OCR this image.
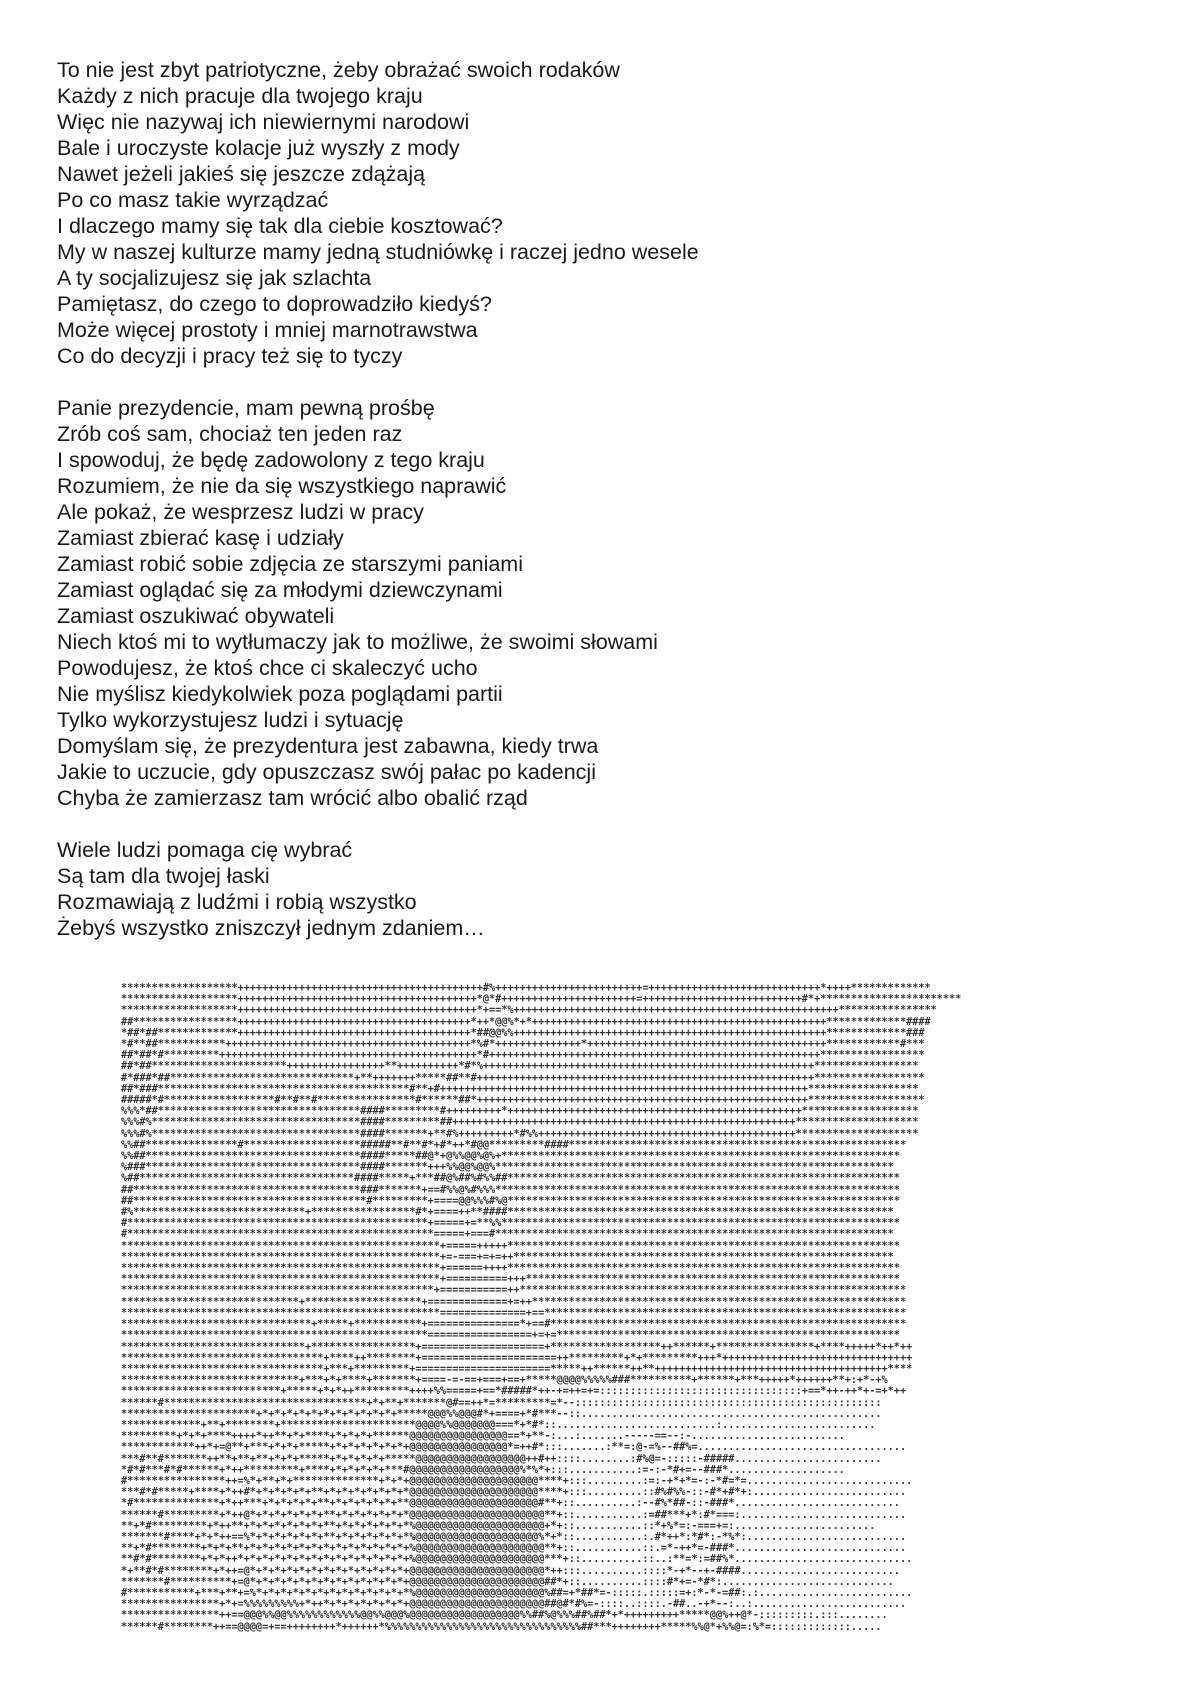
To nie jest zbyt patriotyczne, żeby obrażać swoich rodaków
Każdy z nich pracuje dla twojego kraju
Więc nie nazywaj ich niewiernymi narodowi
Bale i uroczyste kolacje już wyszły z mody
Nawet jeżeli jakieś się jeszcze zdążają
Po co masz takie wyrządzać
I dlaczego mamy się tak dla ciebie kosztować?
My w naszej kulturze mamy jedną studniówkę i raczej jedno wesele
A ty socjalizujesz się jak szlachta
Pamiętasz, do czego to doprowadziło kiedyś?
Może więcej prostoty i mniej marnotrawstwa
Co do decyzji i pracy też się to tyczy
Panie prezydencie, mam pewną prośbę
Zrób coś sam, chociaż ten jeden raz
I spowoduj, że będę zadowolony z tego kraju
Rozumiem, że nie da się wszystkiego naprawić
Ale pokaż, że wesprzesz ludzi w pracy
Zamiast zbierać kasę i udziały
Zamiast robić sobie zdjęcia ze starszymi paniami
Zamiast oglądać się za młodymi dziewczynami
Zamiast oszukiwać obywateli
Niech ktoś mi to wytłumaczy jak to możliwe, że swoimi słowami
Powodujesz, że ktoś chce ci skaleczyć ucho
Nie myślisz kiedykolwiek poza poglądami partii
Tylko wykorzystujesz ludzi i sytuację
Domyślam się, że prezydentura jest zabawna, kiedy trwa
Jakie to uczucie, gdy opuszczasz swój pałac po kadencji
Chyba że zamierzasz tam wrócić albo obalić rząd
Wiele ludzi pomaga cię wybrać
Są tam dla twojej łaski
Rozmawiają z ludźmi i robią wszystko
Żebyś wszystko zniszczył jednym zdaniem…
*******************++++++++++++++++++++++++++++++++++++++++#%++++++++++++++++++++++++=++++++++++++++++++++++++++++*++++*************
*******************+++++++++++++++++++++++++++++++++++++++*@*#++++++++++++++++++++++=++++++++++++++++++++++++++#*+***********************
*******************+++++++++++++++++++++++++++++++++++++++*+==*%+++++++++++++++++++++++++++++++++++++++++++++++++++++****************
##*****************++++++++++++++++++++++++++++++++++++++*++*@@%*+*++++++++++++++++++++++++++++++++++++++++++++++++*************####
*##*##*************++++++++++++++++++++++++++++++++++++++*##@@%%+++++++++++++++++++++++++++++++++++++++++++++++++++*************###
*#**##***********++++++++++++++++++++++++++++++++++++++++*%#*++++++++++++++*+++++++++++++++++++++++++++++++++++++++************#***
##*##*#*********++++++++++++++++++++++++++++++++++++++++++*#++++++++++++++++++++++++++++++++++++++++++++++++++++++*****************
##*##**********************++++++++++++++++**++++++++++*#*%++++++++++++++++++++++++++++++++++++++++++++++++++++++*****************
#*###*##******************************+**+++++++*****##**#+++++++++++++++++++++++++++++++++++++++++++++++++++++++******************
##*###*****************************************#**+#++++++++++++++++++++++++++++++++++++++++++++++++++++++++++++******************
#####*#******************#**#**#****************#******##*++++++++++++++++++++++++++++++++++++++++++++++++++++++*******************
%%%*##*********************************####*********#+++++++++*++++++++++++++++++++++++++++++++++++++++++++++++*******************
%%%#%**********************************####*********##++++++++++++++++++++++++++++++++++++++++++++++++++++++++********************
%%%#%**********************************####*******+**#%+++++++++*#%%++++++++++++++++++++++++++++++++++++++++++********************
%%##***************#*******************#####**#**#*+#*++*#@@*********####*******************************************************
%%##***********************************####*****##@*+@%%@@%@%+*****************************************************************
%###***********************************####*******+++%%@@%@@%*****************************************************************
%##***********************************####*****+***##@%##%#%%##****************************************************************
##*************************************###*******+==#%%@%#%%%******************************************************************
##**************************************#*********+====@@%%%#%@****************************************************************
#%****************************+*****************#*+====++**####***************************************************************
#*************************************************+=====+=**%%*****************************************************************
#**************************************************=====+===#*****************************************************************
****************************************************+=====+++++****************************************************************
****************************************************+=-===+=+=++**************************************************************
****************************************************+======++++****************************************************************
****************************************************+==========+++*************************************************************
***************************************************+===========++***************************************************************
*****************************+*******************+=============+=++*************************************************************
****************************************************==============+==***********************************************************
*******************************+*****+***********+===============*+==#**********************************************************
**************************************************=================+=+=********************************************************
******************************+*****************+====================+******************++******+****************+****+++++*++*++
*********************************+****++********+======================++*********+*+*********+++*+++++++++++++++++++++++++++++++
*********************************+***+*********+======================*****++******++**++++++++++++++++++++++++++++++++++++++****
*****************************+***+*+****+*******+====-=-==+===+==+*****@@@@%%%%%###**********+******+***+++++*++++++**+:+*-+%
**************************+*****+*+*++*********++++%%=====+==*#####*++-+=++=+=:::::::::::::::::::::::::::::::::+==*++-++*+-=+*++
******#*********************************+*+**+*******@#==++*=*********=*--::::::::::::::::::::::::::::::::::::::::::::::::::
**********************+*+*+*+*+*+*+*+*+*+*+*+*****@@@%%@@@#*+====+*#***--::.................................................
*************+**+********+**********************@@@@%%@@@@@@@===*+*#*::..........................:.........................
*********+*+*+****++++*++**+*+****+*+*+*+******@@@@@@@@@@@@@@@@==*+**-:...:.......-----==--:-.........................
************++*+=@**+***+*+*+*****+*+*+*+*+*+*+@@@@@@@@@@@@@@@@*=++#*:::.......:**=:@-=%--##%=..................................
***#**#*******++**+**+**+*+*+*****+*+*+*+*+*****@@@@@@@@@@@@@@@@@@++#++::::........:#%@=-:::::-#####........................
*#*#***#*#******+*++*********+****+*+*+*+*+***#@@@@@@@@@@@@@@@@@@%*%*+:::...........:=-:-*#+=--###*...................
#****************++=%*+**+*+**************+*+*+@@@@@@@@@@@@@@@@@@@@@****+:::.........:=:-+*+*=-:-*#=*=...........................
***#*#*****+****+*++#*+*+*+*+*+**+*+*+*+*+*+*+*@@@@@@@@@@@@@@@@@@@@@****+:::.........::#%#%%-::-#*+#*+:.........................
*#**************+*++***+*+*+*+*+**+*+*+*+*+*+**@@@@@@@@@@@@@@@@@@@@@#**+::..........:--#%*##-::-###*...........................
******#*********+*++@*+*+*+*+*+*+**+*+*+*+*+*+*@@@@@@@@@@@@@@@@@@@@@@**+::...........:=##***+*:#*===:...........................
**+*#*********+*++**+*+*+*+*+*+*+**+*+*+*+*+*+*%@@@@@@@@@@@@@@@@@@@@@+*+::...........::*+%*=:-===+=:.......................
*******#****+*+*++==%*+*+*+*+*+*+**+*+*+*+*+*+*%@@@@@@@@@@@@@@@@@@@@%*+*::...........:.#*++*:*#*:-*%*:..........................
**+*#********+*+*+**+*+*+*+*+*+*+*+*+*+*+*+*+*+%@@@@@@@@@@@@@@@@@@@@@**+::...........::.=*-++*=-###*............................
**#*#********+*+*++*+*+*+*+*+*+*+*+*+*+*+*+*+*+%@@@@@@@@@@@@@@@@@@@@@***+::..........::..:**=*:=##%*.............................
*+**#*#********+*++=@*+*+*+*+*+*+*+*+*+*+*+*+*+@@@@@@@@@@@@@@@@@@@@@@*++:::..........::::*-+*--+-####..........................
*******#**********+=@*+*+*+*+*+*+*+*+*+*+*+*+*+@@@@@@@@@@@@@@@@@@@@@@##*+::..........::::#*+=-*#*:............................
#***********+***+**+=%*+*+*+*+*+*+*+*+*+*+*+*+*%@@@@@@@@@@@@@@@@@@@@@%##=+*##*=-:::::.:::::=+:*-*-=##:.:.........................
****************+*+=%%%%%%%%%+*++*+*+*+*+*+*+*+@@@@@@@@@@@@@@@@@@@@@@##@#*#%=-::::..::::.-##..-+*--:..:.........................
****************++==@@@%%@@%%%%%%%%%%%%@@%%@@@%@@@@@@@@@@@@@@@@@@%%##%@%%%##%##*+*+++++++++*****@@%++@*-:::::::::.:::........
******#********++==@@@@=+==++++++++*++++++*%%%%%%%%%%%%%%%%%%%%%%%%%%%%%%%%##***++++++++*****%%@*+%%@=:%*=:::::::::::::.....
